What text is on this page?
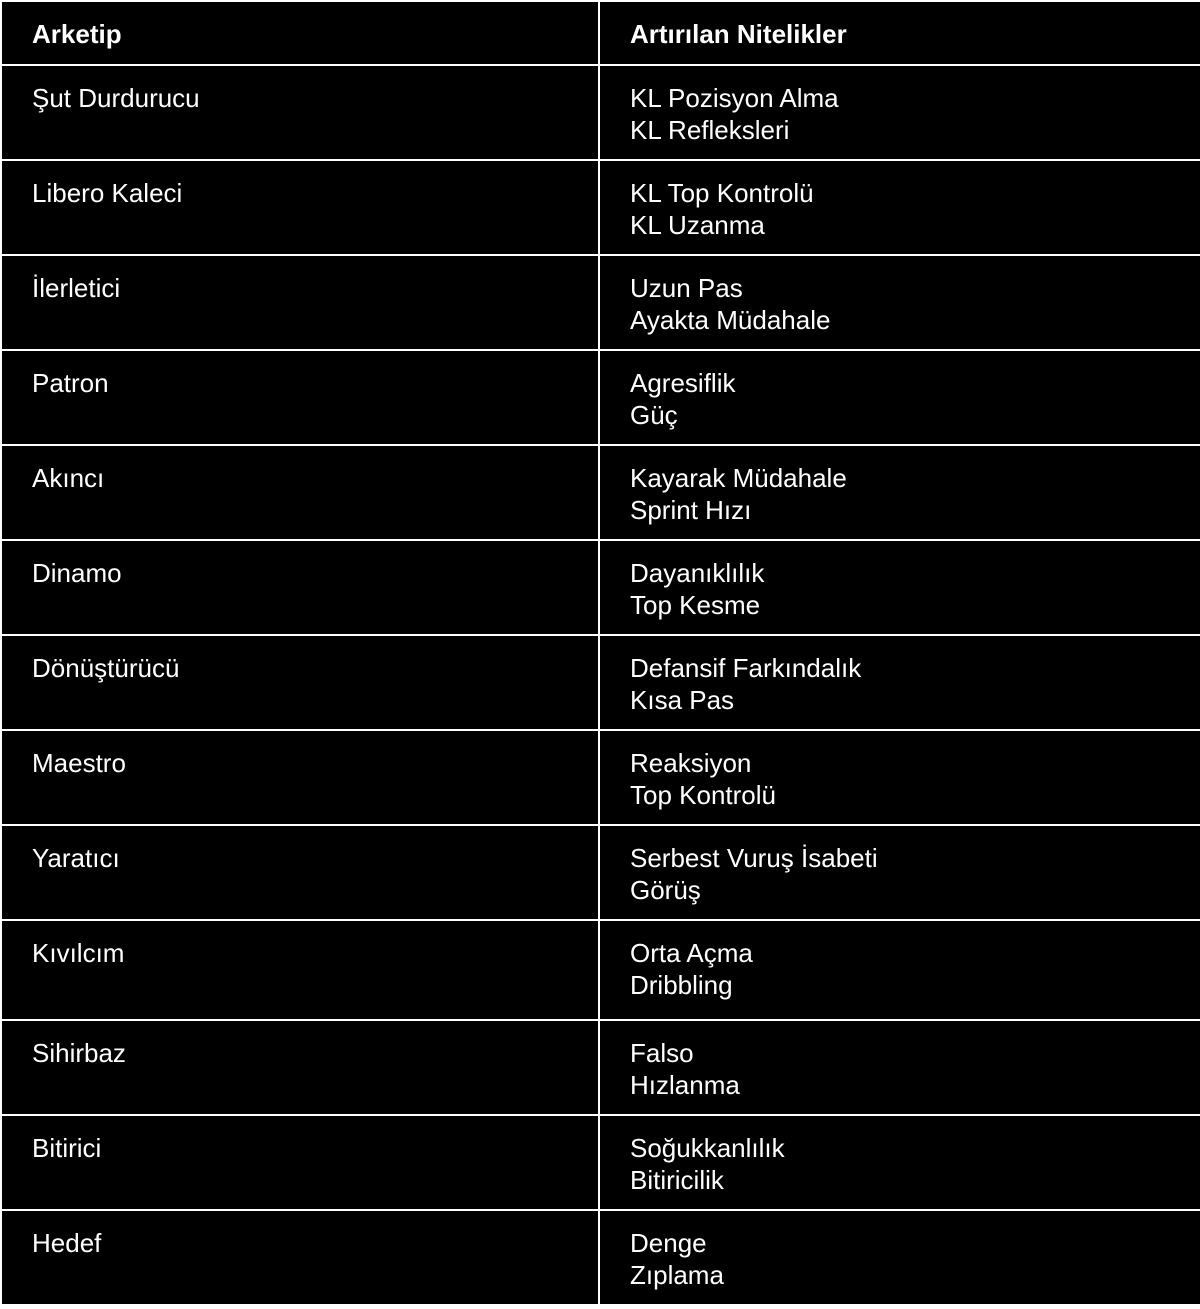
Arketip	Artırılan Nitelikler
Şut Durdurucu	KL Pozisyon Alma
KL Refleksleri

Libero Kaleci	KL Top Kontrolü
KL Uzanma

İlerletici	Uzun Pas
Ayakta Müdahale

Patron	Agresiflik
Güç

Akıncı	Kayarak Müdahale
Sprint Hızı

Dinamo	Dayanıklılık
Top Kesme

Dönüştürücü	Defansif Farkındalık
Kısa Pas

Maestro	Reaksiyon
Top Kontrolü

Yaratıcı	Serbest Vuruş İsabeti
Görüş

Kıvılcım	Orta Açma
Dribbling

Sihirbaz	Falso
Hızlanma

Bitirici	Soğukkanlılık
Bitiricilik

Hedef	Denge
Zıplama
